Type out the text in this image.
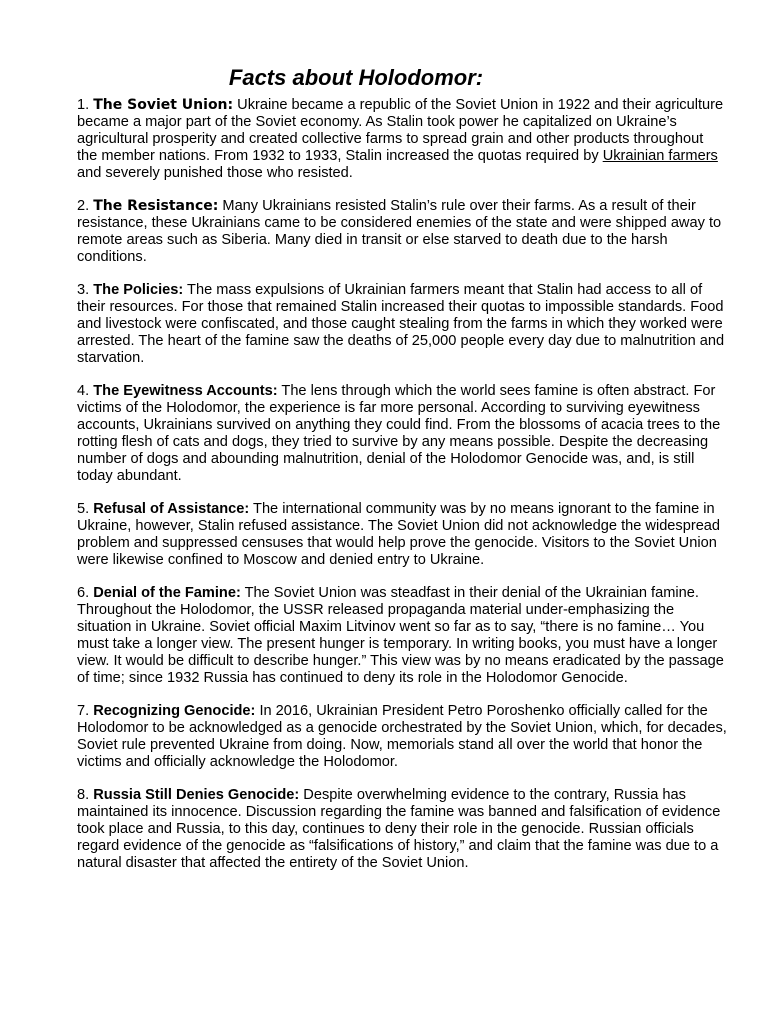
Facts about Holodomor:
1. The Soviet Union: Ukraine became a republic of the Soviet Union in 1922 and their agriculture became a major part of the Soviet economy. As Stalin took power he capitalized on Ukraine’s agricultural prosperity and created collective farms to spread grain and other products throughout the member nations. From 1932 to 1933, Stalin increased the quotas required by Ukrainian farmers and severely punished those who resisted.
2. The Resistance: Many Ukrainians resisted Stalin’s rule over their farms. As a result of their resistance, these Ukrainians came to be considered enemies of the state and were shipped away to remote areas such as Siberia. Many died in transit or else starved to death due to the harsh conditions.
3. The Policies: The mass expulsions of Ukrainian farmers meant that Stalin had access to all of their resources. For those that remained Stalin increased their quotas to impossible standards. Food and livestock were confiscated, and those caught stealing from the farms in which they worked were arrested. The heart of the famine saw the deaths of 25,000 people every day due to malnutrition and starvation.
4. The Eyewitness Accounts: The lens through which the world sees famine is often abstract. For victims of the Holodomor, the experience is far more personal. According to surviving eyewitness accounts, Ukrainians survived on anything they could find. From the blossoms of acacia trees to the rotting flesh of cats and dogs, they tried to survive by any means possible. Despite the decreasing number of dogs and abounding malnutrition, denial of the Holodomor Genocide was, and, is still today abundant.
5. Refusal of Assistance: The international community was by no means ignorant to the famine in Ukraine, however, Stalin refused assistance. The Soviet Union did not acknowledge the widespread problem and suppressed censuses that would help prove the genocide. Visitors to the Soviet Union were likewise confined to Moscow and denied entry to Ukraine.
6. Denial of the Famine: The Soviet Union was steadfast in their denial of the Ukrainian famine. Throughout the Holodomor, the USSR released propaganda material under-emphasizing the situation in Ukraine. Soviet official Maxim Litvinov went so far as to say, “there is no famine… You must take a longer view. The present hunger is temporary. In writing books, you must have a longer view. It would be difficult to describe hunger.” This view was by no means eradicated by the passage of time; since 1932 Russia has continued to deny its role in the Holodomor Genocide.
7. Recognizing Genocide: In 2016, Ukrainian President Petro Poroshenko officially called for the Holodomor to be acknowledged as a genocide orchestrated by the Soviet Union, which, for decades, Soviet rule prevented Ukraine from doing. Now, memorials stand all over the world that honor the victims and officially acknowledge the Holodomor.
8. Russia Still Denies Genocide: Despite overwhelming evidence to the contrary, Russia has maintained its innocence. Discussion regarding the famine was banned and falsification of evidence took place and Russia, to this day, continues to deny their role in the genocide. Russian officials regard evidence of the genocide as “falsifications of history,” and claim that the famine was due to a natural disaster that affected the entirety of the Soviet Union.
